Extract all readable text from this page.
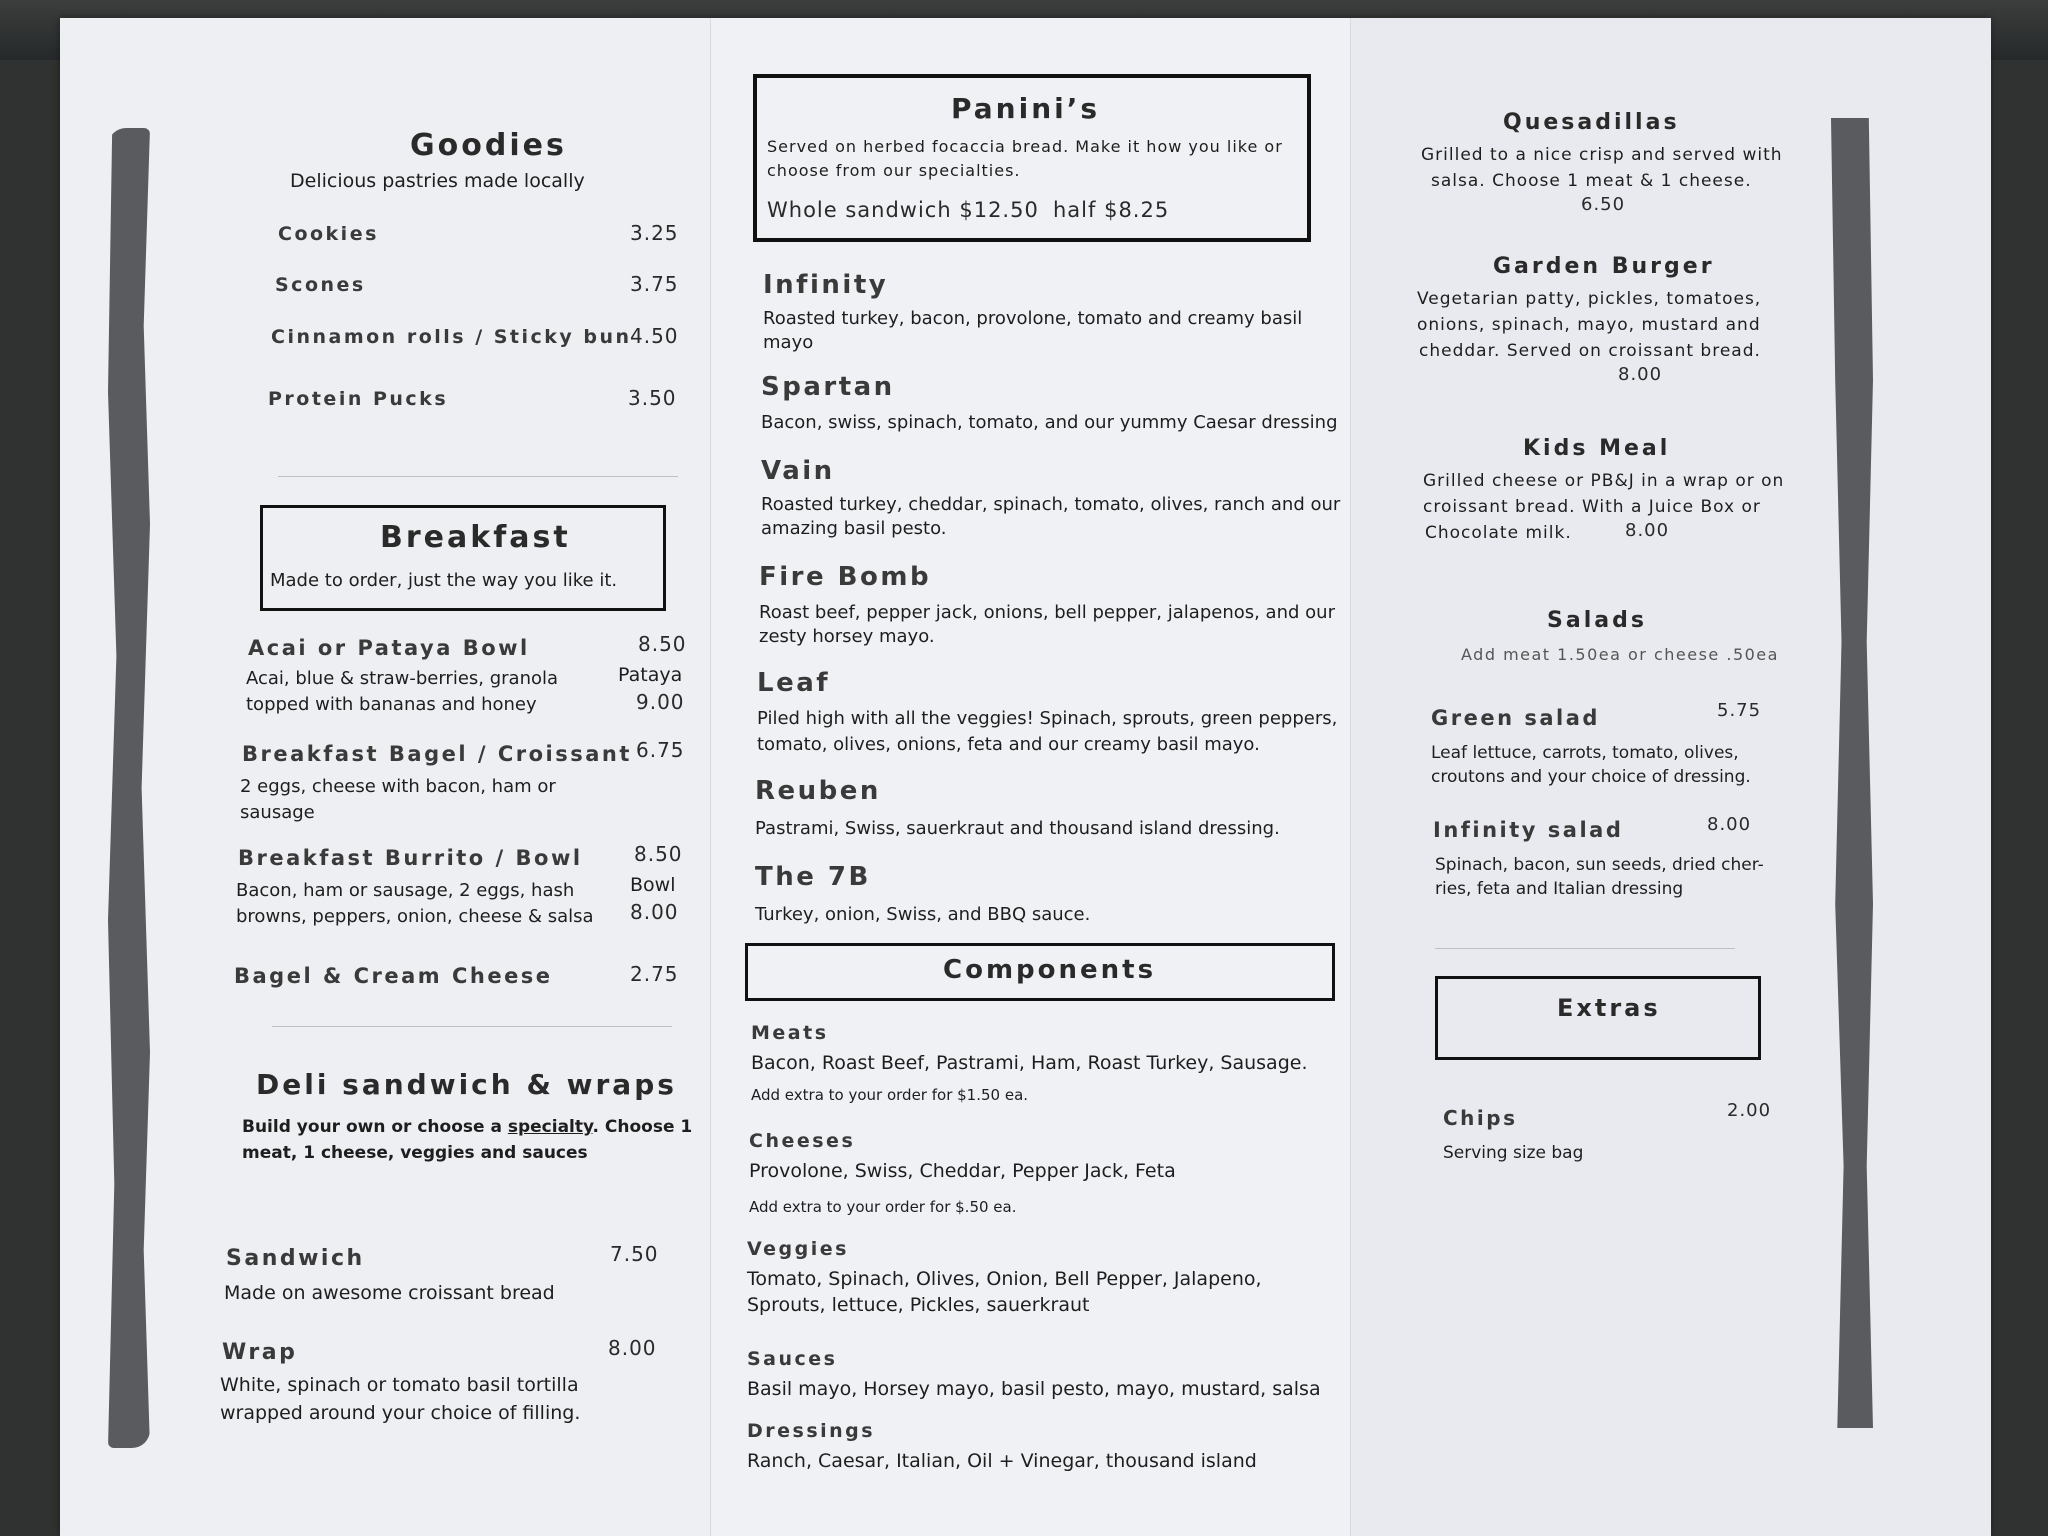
Goodies
Delicious pastries made locally
Cookies	3.25
Scones	3.75
Cinnamon rolls / Sticky bun
4.50
Protein Pucks	3.50
Breakfast
Made to order, just the way you like it.
Acai or Pataya Bowl	8.50
Acai, blue & straw-berries, granola
topped with bananas and honey
Pataya
9.00
Breakfast Bagel / Croissant 6.75
2 eggs, cheese with bacon, ham or
sausage
Breakfast Burrito / Bowl	8.50
Bacon, ham or sausage, 2 eggs, hash
browns, peppers, onion, cheese & salsa
Bowl
8.00
Bagel & Cream Cheese	2.75
Deli sandwich & wraps
Build your own or choose a specialty. Choose 1
meat, 1 cheese, veggies and sauces
Sandwich	7.50
Made on awesome croissant bread
Wrap	8.00
White, spinach or tomato basil tortilla
wrapped around your choice of filling.
Panini’s
Served on herbed focaccia bread. Make it how you like or
choose from our specialties.
Whole sandwich $12.50 half $8.25
Infinity
Roasted turkey, bacon, provolone, tomato and creamy basil
mayo
Spartan
Bacon, swiss, spinach, tomato, and our yummy Caesar dressing
Vain
Roasted turkey, cheddar, spinach, tomato, olives, ranch and our
amazing basil pesto.
Fire Bomb
Roast beef, pepper jack, onions, bell pepper, jalapenos, and our
zesty horsey mayo.
Leaf
Piled high with all the veggies! Spinach, sprouts, green peppers,
tomato, olives, onions, feta and our creamy basil mayo.
Reuben
Pastrami, Swiss, sauerkraut and thousand island dressing.
The 7B
Turkey, onion, Swiss, and BBQ sauce.
Components
Meats
Bacon, Roast Beef, Pastrami, Ham, Roast Turkey, Sausage.
Add extra to your order for $1.50 ea.
Cheeses
Provolone, Swiss, Cheddar, Pepper Jack, Feta
Add extra to your order for $.50 ea.
Veggies
Tomato, Spinach, Olives, Onion, Bell Pepper, Jalapeno,
Sprouts, lettuce, Pickles, sauerkraut
Sauces
Basil mayo, Horsey mayo, basil pesto, mayo, mustard, salsa
Dressings
Ranch, Caesar, Italian, Oil + Vinegar, thousand island
Quesadillas
Grilled to a nice crisp and served with
salsa. Choose 1 meat & 1 cheese.
6.50
Garden Burger
Vegetarian patty, pickles, tomatoes,
onions, spinach, mayo, mustard and
cheddar. Served on croissant bread.
8.00
Kids Meal
Grilled cheese or PB&J in a wrap or on
croissant bread. With a Juice Box or
Chocolate milk.	8.00
Salads
Add meat 1.50ea or cheese .50ea
Green salad	5.75
Leaf lettuce, carrots, tomato, olives,
croutons and your choice of dressing.
Infinity salad	8.00
Spinach, bacon, sun seeds, dried cher-
ries, feta and Italian dressing
Extras
Chips	2.00
Serving size bag
